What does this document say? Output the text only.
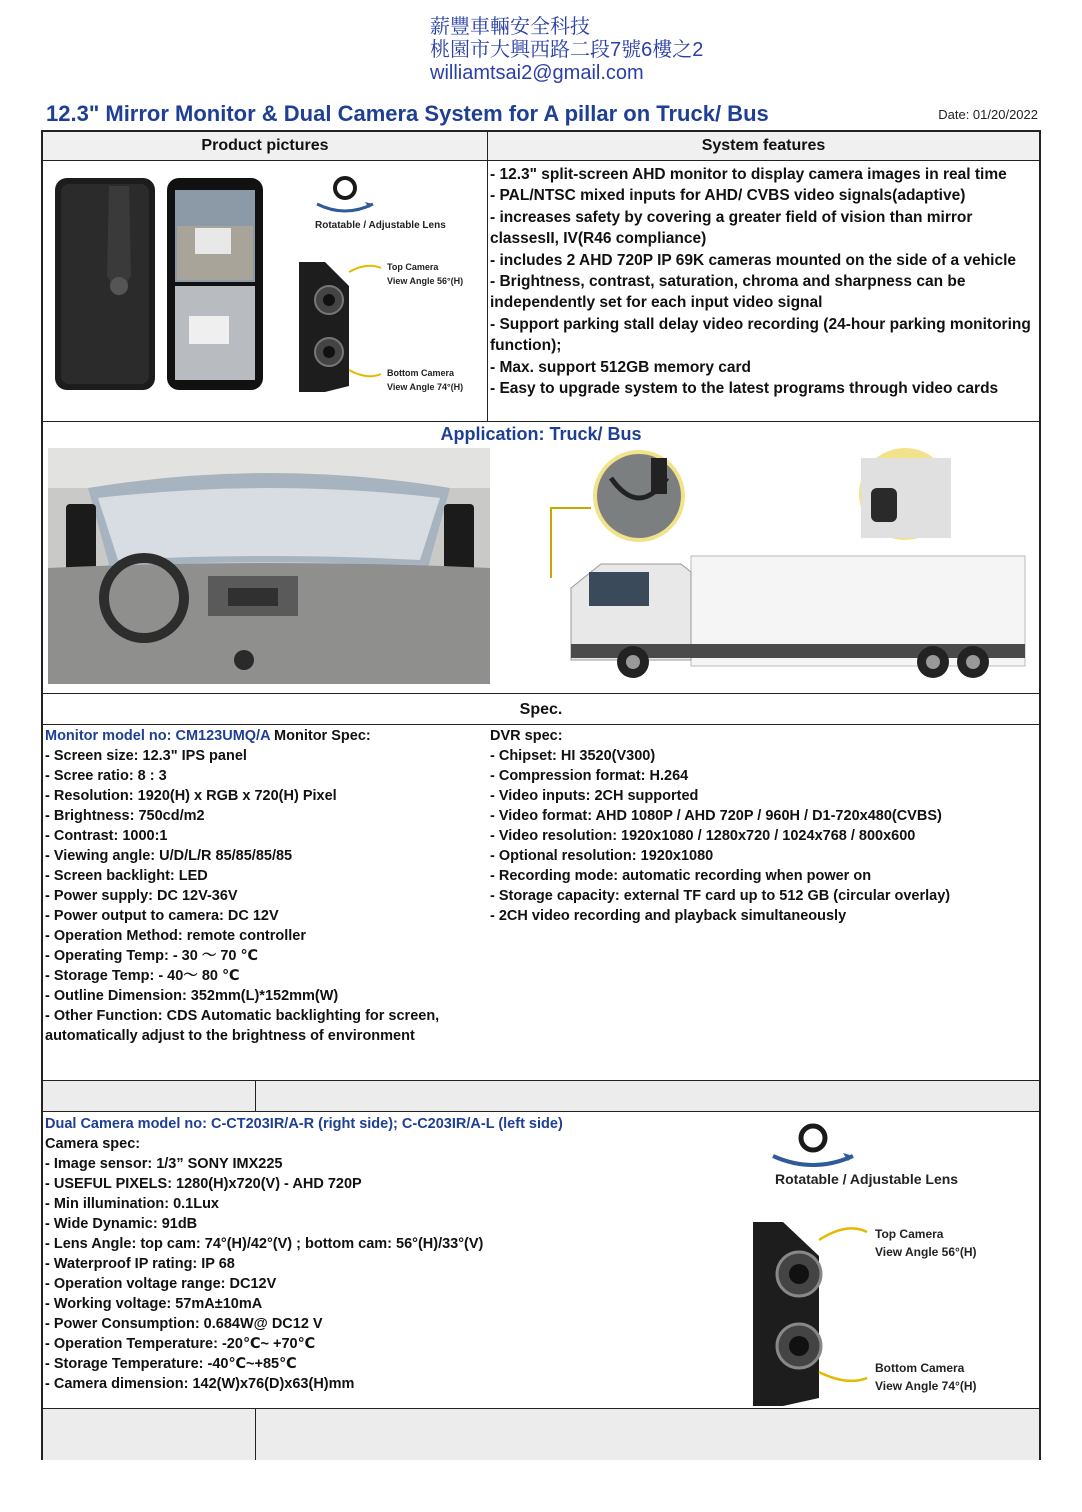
薪豐車輛安全科技
桃園市大興西路二段7號6樓之2
williamtsai2@gmail.com
12.3" Mirror Monitor & Dual Camera System for A pillar on Truck/ Bus	Date: 01/20/2022
Product pictures	System features
Rotatable / Adjustable Lens
Top Camera
View Angle 56°(H)
Bottom Camera
View Angle 74°(H)
- 12.3" split-screen AHD monitor to display camera images in real time
- PAL/NTSC mixed inputs for AHD/ CVBS video signals(adaptive)
- increases safety by covering a greater field of vision than mirror classesII, IV(R46 compliance)
- includes 2 AHD 720P IP 69K cameras mounted on the side of a vehicle
- Brightness, contrast, saturation, chroma and sharpness can be independently set for each input video signal
- Support parking stall delay video recording (24-hour parking monitoring function);
- Max. support 512GB memory card
- Easy to upgrade system to the latest programs through video cards
Application: Truck/ Bus
Spec.
Monitor model no: CM123UMQ/A Monitor Spec:
- Screen size: 12.3" IPS panel
- Scree ratio: 8 : 3
- Resolution: 1920(H) x RGB x 720(H) Pixel
- Brightness: 750cd/m2
- Contrast: 1000:1
- Viewing angle: U/D/L/R 85/85/85/85
- Screen backlight: LED
- Power supply: DC 12V-36V
- Power output to camera: DC 12V
- Operation Method: remote controller
- Operating Temp: - 30 ～ 70 ℃
- Storage Temp: - 40～ 80 ℃
- Outline Dimension: 352mm(L)*152mm(W)
- Other Function: CDS Automatic backlighting for screen,
automatically adjust to the brightness of environment
DVR spec:
- Chipset: HI 3520(V300)
- Compression format: H.264
- Video inputs: 2CH supported
- Video format: AHD 1080P / AHD 720P / 960H / D1-720x480(CVBS)
- Video resolution: 1920x1080 / 1280x720 / 1024x768 / 800x600
- Optional resolution: 1920x1080
- Recording mode: automatic recording when power on
- Storage capacity: external TF card up to 512 GB (circular overlay)
- 2CH video recording and playback simultaneously
Dual Camera model no: C-CT203IR/A-R (right side); C-C203IR/A-L (left side)
Camera spec:
- Image sensor: 1/3” SONY IMX225
- USEFUL PIXELS: 1280(H)x720(V) - AHD 720P
- Min illumination: 0.1Lux
- Wide Dynamic: 91dB
- Lens Angle: top cam: 74°(H)/42°(V) ; bottom cam: 56°(H)/33°(V)
- Waterproof IP rating: IP 68
- Operation voltage range: DC12V
- Working voltage: 57mA±10mA
- Power Consumption: 0.684W@ DC12 V
- Operation Temperature: -20℃~ +70℃
- Storage Temperature: -40℃~+85℃
- Camera dimension: 142(W)x76(D)x63(H)mm
Rotatable / Adjustable Lens
Top Camera
View Angle 56°(H)
Bottom Camera
View Angle 74°(H)
